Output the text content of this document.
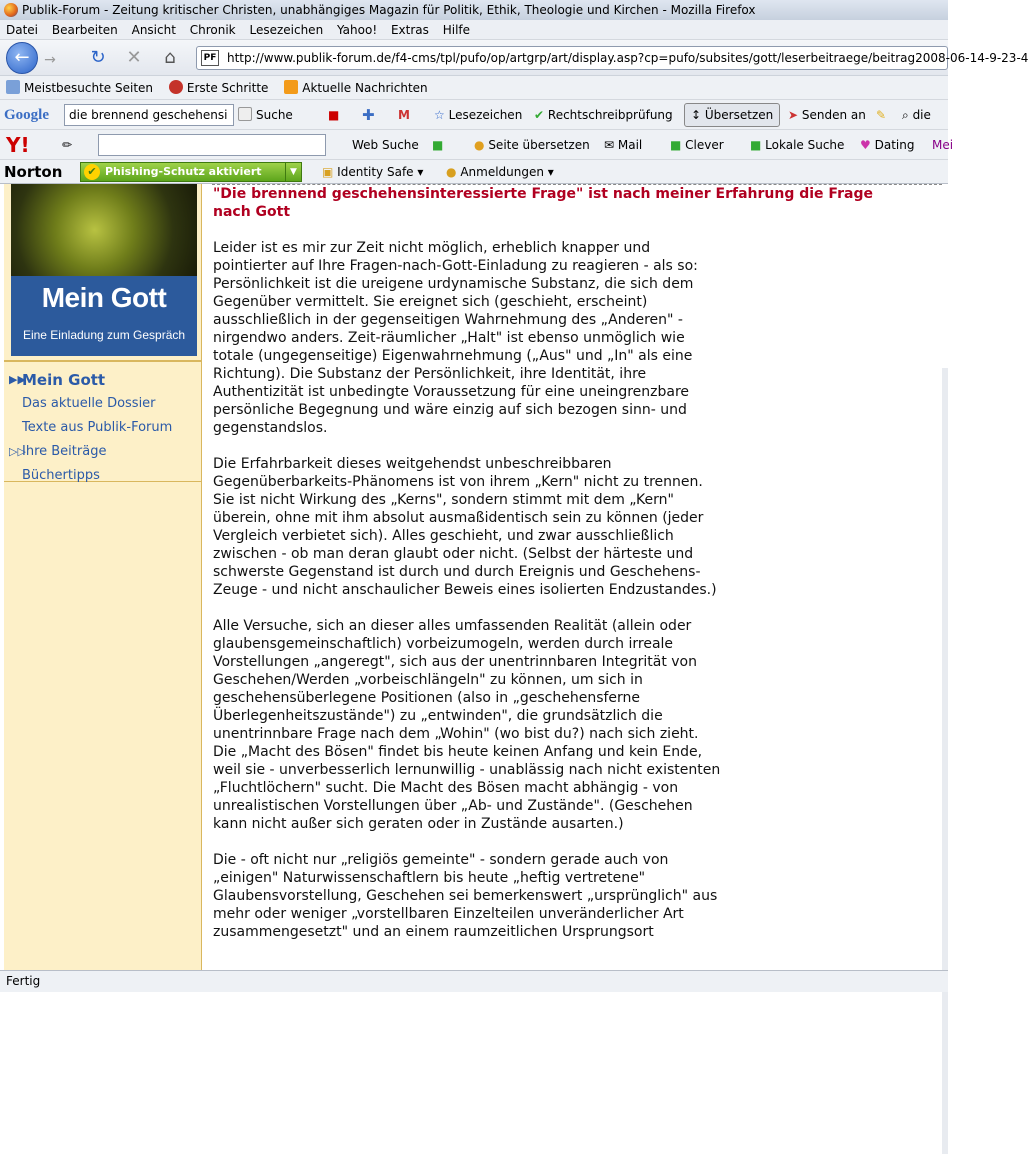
Publik-Forum - Zeitung kritischer Christen, unabhängiges Magazin für Politik, Ethik, Theologie und Kirchen - Mozilla Firefox
Datei Bearbeiten Ansicht Chronik Lesezeichen Yahoo! Extras Hilfe
←	→ ↻ ✕ ⌂	PF http://www.publik-forum.de/f4-cms/tpl/pufo/op/artgrp/art/display.asp?cp=pufo/subsites/gott/leserbeitraege/beitrag2008-06-14-9-23-4
Meistbesuchte Seiten	Erste Schritte	Aktuelle Nachrichten
Google	die brennend geschehensi	Suche	■ ✚ M ☆ Lesezeichen ✔ Rechtschreibprüfung	↕ Übersetzen	➤ Senden an ✎ ⌕ die
Y!	✏	Web Suche ■	● Seite übersetzen ✉ Mail ■ Clever ■ Lokale Suche ♥ Dating Mei
Norton	✔ Phishing-Schutz aktiviert	▼	▣ Identity Safe ▾ ● Anmeldungen ▾
Mein Gott
Eine Einladung zum Gespräch
▶▶
Mein Gott
Das aktuelle Dossier
Texte aus Publik-Forum
▷▷
Ihre Beiträge
Büchertipps
"Die brennend geschehensinteressierte Frage" ist nach meiner Erfahrung die Frage nach Gott

Leider ist es mir zur Zeit nicht möglich, erheblich knapper und pointierter auf Ihre Fragen-nach-Gott-Einladung zu reagieren - als so: Persönlichkeit ist die ureigene urdynamische Substanz, die sich dem Gegenüber vermittelt. Sie ereignet sich (geschieht, erscheint) ausschließlich in der gegenseitigen Wahrnehmung des „Anderen" - nirgendwo anders. Zeit-räumlicher „Halt" ist ebenso unmöglich wie totale (ungegenseitige) Eigenwahrnehmung („Aus" und „In" als eine Richtung). Die Substanz der Persönlichkeit, ihre Identität, ihre Authentizität ist unbedingte Voraussetzung für eine uneingrenzbare persönliche Begegnung und wäre einzig auf sich bezogen sinn- und gegenstandslos.

Die Erfahrbarkeit dieses weitgehendst unbeschreibbaren Gegenüberbarkeits-Phänomens ist von ihrem „Kern" nicht zu trennen. Sie ist nicht Wirkung des „Kerns", sondern stimmt mit dem „Kern" überein, ohne mit ihm absolut ausmaßidentisch sein zu können (jeder Vergleich verbietet sich). Alles geschieht, und zwar ausschließlich zwischen - ob man deran glaubt oder nicht. (Selbst der härteste und schwerste Gegenstand ist durch und durch Ereignis und Geschehens-Zeuge - und nicht anschaulicher Beweis eines isolierten Endzustandes.)

Alle Versuche, sich an dieser alles umfassenden Realität (allein oder glaubensgemeinschaftlich) vorbeizumogeln, werden durch irreale Vorstellungen „angeregt", sich aus der unentrinnbaren Integrität von Geschehen/Werden „vorbeischlängeln" zu können, um sich in geschehensüberlegene Positionen (also in „geschehensferne Überlegenheitszustände") zu „entwinden", die grundsätzlich die unentrinnbare Frage nach dem „Wohin" (wo bist du?) nach sich zieht. Die „Macht des Bösen" findet bis heute keinen Anfang und kein Ende, weil sie - unverbesserlich lernunwillig - unablässig nach nicht existenten „Fluchtlöchern" sucht. Die Macht des Bösen macht abhängig - von unrealistischen Vorstellungen über „Ab- und Zustände". (Geschehen kann nicht außer sich geraten oder in Zustände ausarten.)

Die - oft nicht nur „religiös gemeinte" - sondern gerade auch von „einigen" Naturwissenschaftlern bis heute „heftig vertretene" Glaubensvorstellung, Geschehen sei bemerkenswert „ursprünglich" aus mehr oder weniger „vorstellbaren Einzelteilen unveränderlicher Art zusammengesetzt" und an einem raumzeitlichen Ursprungsort

Fertig
